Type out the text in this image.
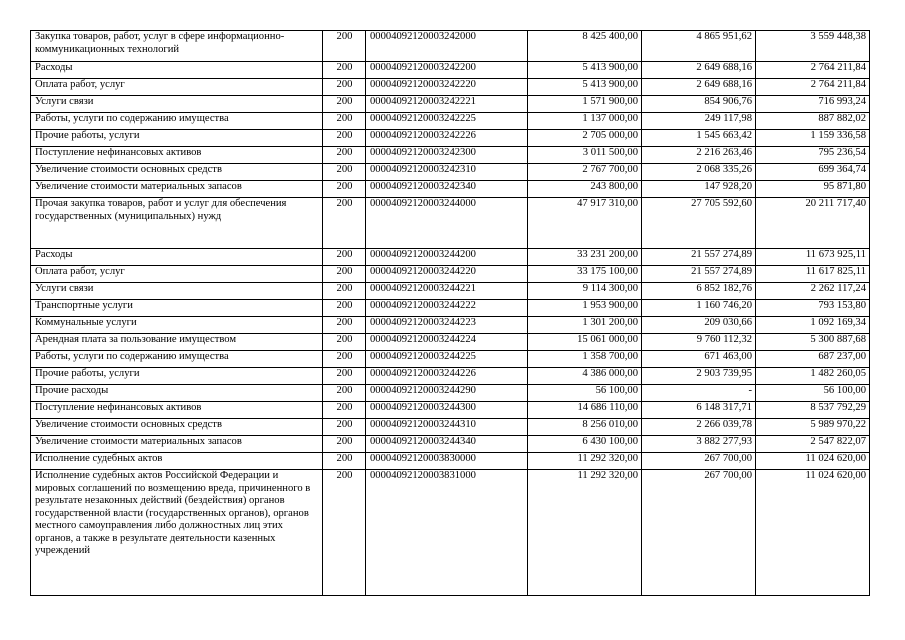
Закупка товаров, работ, услуг в сфере информационно-коммуникационных технологий	200	00004092120003242000	8 425 400,00	4 865 951,62	3 559 448,38
Расходы	200	00004092120003242200	5 413 900,00	2 649 688,16	2 764 211,84
Оплата работ, услуг	200	00004092120003242220	5 413 900,00	2 649 688,16	2 764 211,84
Услуги связи	200	00004092120003242221	1 571 900,00	854 906,76	716 993,24
Работы, услуги по содержанию имущества	200	00004092120003242225	1 137 000,00	249 117,98	887 882,02
Прочие работы, услуги	200	00004092120003242226	2 705 000,00	1 545 663,42	1 159 336,58
Поступление нефинансовых активов	200	00004092120003242300	3 011 500,00	2 216 263,46	795 236,54
Увеличение стоимости основных средств	200	00004092120003242310	2 767 700,00	2 068 335,26	699 364,74
Увеличение стоимости материальных запасов	200	00004092120003242340	243 800,00	147 928,20	95 871,80
Прочая закупка товаров, работ и услуг для обеспечения государственных (муниципальных) нужд	200	00004092120003244000	47 917 310,00	27 705 592,60	20 211 717,40
Расходы	200	00004092120003244200	33 231 200,00	21 557 274,89	11 673 925,11
Оплата работ, услуг	200	00004092120003244220	33 175 100,00	21 557 274,89	11 617 825,11
Услуги связи	200	00004092120003244221	9 114 300,00	6 852 182,76	2 262 117,24
Транспортные услуги	200	00004092120003244222	1 953 900,00	1 160 746,20	793 153,80
Коммунальные услуги	200	00004092120003244223	1 301 200,00	209 030,66	1 092 169,34
Арендная плата за пользование имуществом	200	00004092120003244224	15 061 000,00	9 760 112,32	5 300 887,68
Работы, услуги по содержанию имущества	200	00004092120003244225	1 358 700,00	671 463,00	687 237,00
Прочие работы, услуги	200	00004092120003244226	4 386 000,00	2 903 739,95	1 482 260,05
Прочие расходы	200	00004092120003244290	56 100,00	-	56 100,00
Поступление нефинансовых активов	200	00004092120003244300	14 686 110,00	6 148 317,71	8 537 792,29
Увеличение стоимости основных средств	200	00004092120003244310	8 256 010,00	2 266 039,78	5 989 970,22
Увеличение стоимости материальных запасов	200	00004092120003244340	6 430 100,00	3 882 277,93	2 547 822,07
Исполнение судебных актов	200	00004092120003830000	11 292 320,00	267 700,00	11 024 620,00
Исполнение судебных актов Российской Федерации и мировых соглашений по возмещению вреда, причиненного в результате незаконных действий (бездействия) органов государственной власти (государственных органов), органов местного самоуправления либо должностных лиц этих органов, а также в результате деятельности казенных учреждений	200	00004092120003831000	11 292 320,00	267 700,00	11 024 620,00
